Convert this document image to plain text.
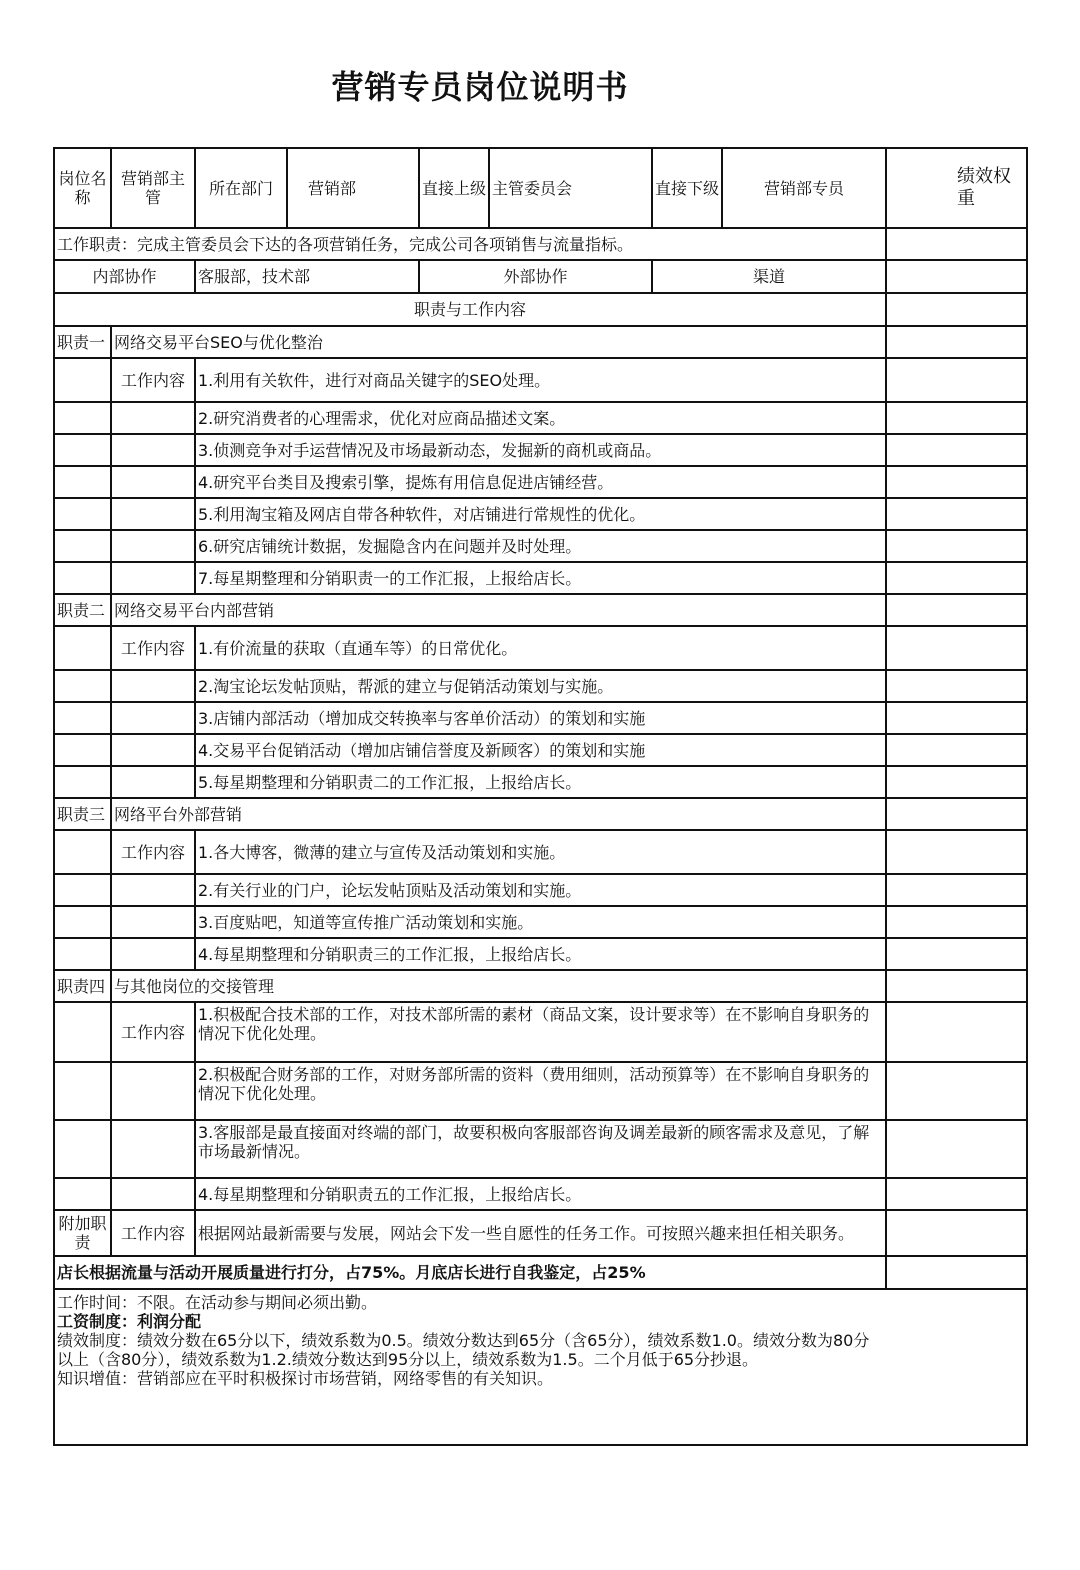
营销专员岗位说明书
岗位名称	营销部主管	所在部门	营销部	直接上级	主管委员会	直接下级	营销部专员	绩效权重
工作职责：完成主管委员会下达的各项营销任务，完成公司各项销售与流量指标。								
内部协作		客服部，技术部		外部协作		渠道		
职责与工作内容								
职责一	网络交易平台SEO与优化整治							
	工作内容	1.利用有关软件，进行对商品关键字的SEO处理。						
		2.研究消费者的心理需求，优化对应商品描述文案。						
		3.侦测竞争对手运营情况及市场最新动态，发掘新的商机或商品。						
		4.研究平台类目及搜索引擎，提炼有用信息促进店铺经营。						
		5.利用淘宝箱及网店自带各种软件，对店铺进行常规性的优化。						
		6.研究店铺统计数据，发掘隐含内在问题并及时处理。						
		7.每星期整理和分销职责一的工作汇报，上报给店长。						
职责二	网络交易平台内部营销							
	工作内容	1.有价流量的获取（直通车等）的日常优化。						
		2.淘宝论坛发帖顶贴，帮派的建立与促销活动策划与实施。						
		3.店铺内部活动（增加成交转换率与客单价活动）的策划和实施						
		4.交易平台促销活动（增加店铺信誉度及新顾客）的策划和实施						
		5.每星期整理和分销职责二的工作汇报，上报给店长。						
职责三	网络平台外部营销							
	工作内容	1.各大博客，微薄的建立与宣传及活动策划和实施。						
		2.有关行业的门户，论坛发帖顶贴及活动策划和实施。						
		3.百度贴吧，知道等宣传推广活动策划和实施。						
		4.每星期整理和分销职责三的工作汇报，上报给店长。						
职责四	与其他岗位的交接管理							
	工作内容	1.积极配合技术部的工作，对技术部所需的素材（商品文案，设计要求等）在不影响自身职务的情况下优化处理。						
		2.积极配合财务部的工作，对财务部所需的资料（费用细则，活动预算等）在不影响自身职务的情况下优化处理。						
		3.客服部是最直接面对终端的部门，故要积极向客服部咨询及调差最新的顾客需求及意见，了解市场最新情况。						
		4.每星期整理和分销职责五的工作汇报，上报给店长。						
附加职责	工作内容	根据网站最新需要与发展，网站会下发一些自愿性的任务工作。可按照兴趣来担任相关职务。						
店长根据流量与活动开展质量进行打分，占75%。月底店长进行自我鉴定，占25%								

工作时间：不限。在活动参与期间必须出勤。
工资制度：利润分配
绩效制度：绩效分数在65分以下，绩效系数为0.5。绩效分数达到65分（含65分），绩效系数1.0。绩效分数为80分以上（含80分），绩效系数为1.2.绩效分数达到95分以上，绩效系数为1.5。二个月低于65分抄退。
知识增值：营销部应在平时积极探讨市场营销，网络零售的有关知识。								
